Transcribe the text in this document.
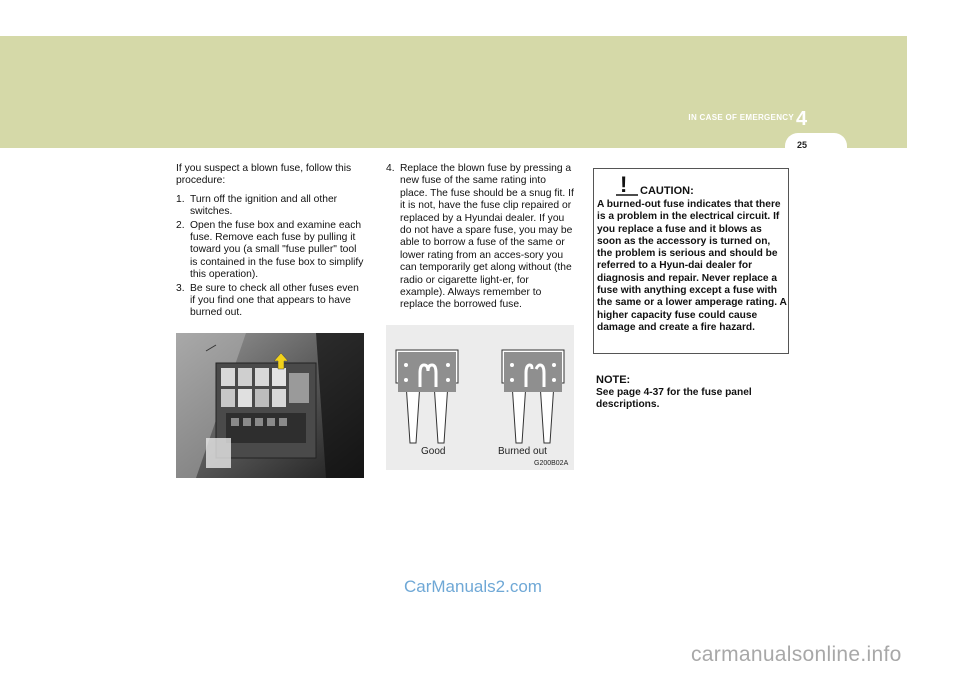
IN CASE OF EMERGENCY 4
25

If you suspect a blown fuse, follow this procedure:

1. Turn off the ignition and all other switches.
2. Open the fuse box and examine each fuse. Remove each fuse by pulling it toward you (a small "fuse puller" tool is contained in the fuse box to simplify this operation).
3. Be sure to check all other fuses even if you find one that appears to have burned out.
4. Replace the blown fuse by pressing a new fuse of the same rating into place. The fuse should be a snug fit. If it is not, have the fuse clip repaired or replaced by a Hyundai dealer. If you do not have a spare fuse, you may be able to borrow a fuse of the same or lower rating from an acces-sory you can temporarily get along without (the radio or cigarette light-er, for example). Always remember to replace the borrowed fuse.
Good	Burned out
G200B02A
! CAUTION:
A burned-out fuse indicates that there is a problem in the electrical circuit. If you replace a fuse and it blows as soon as the accessory is turned on, the problem is serious and should be referred to a Hyun-dai dealer for diagnosis and repair. Never replace a fuse with anything except a fuse with the same or a lower amperage rating. A higher capacity fuse could cause damage and create a fire hazard.
NOTE:
See page 4-37 for the fuse panel descriptions.
CarManuals2.com
carmanualsonline.info
